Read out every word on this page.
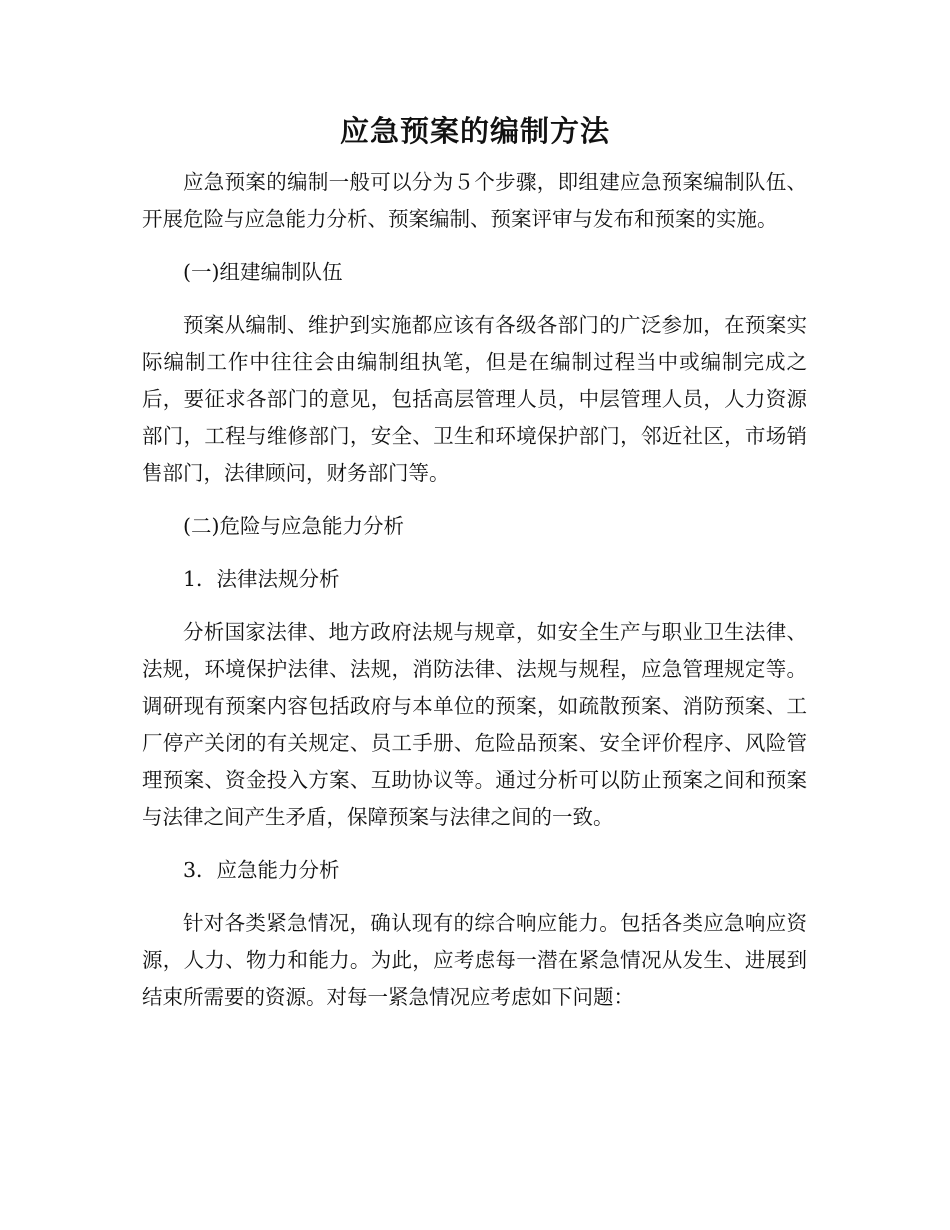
应急预案的编制方法

应急预案的编制一般可以分为５个步骤，即组建应急预案编制队伍、开展危险与应急能力分析、预案编制、预案评审与发布和预案的实施。

(一)组建编制队伍

预案从编制、维护到实施都应该有各级各部门的广泛参加，在预案实际编制工作中往往会由编制组执笔，但是在编制过程当中或编制完成之后，要征求各部门的意见，包括高层管理人员，中层管理人员，人力资源部门，工程与维修部门，安全、卫生和环境保护部门，邻近社区，市场销售部门，法律顾问，财务部门等。

(二)危险与应急能力分析

1．法律法规分析

分析国家法律、地方政府法规与规章，如安全生产与职业卫生法律、法规，环境保护法律、法规，消防法律、法规与规程，应急管理规定等。调研现有预案内容包括政府与本单位的预案，如疏散预案、消防预案、工厂停产关闭的有关规定、员工手册、危险品预案、安全评价程序、风险管理预案、资金投入方案、互助协议等。通过分析可以防止预案之间和预案与法律之间产生矛盾，保障预案与法律之间的一致。

3．应急能力分析

针对各类紧急情况，确认现有的综合响应能力。包括各类应急响应资源，人力、物力和能力。为此，应考虑每一潜在紧急情况从发生、进展到结束所需要的资源。对每一紧急情况应考虑如下问题：
